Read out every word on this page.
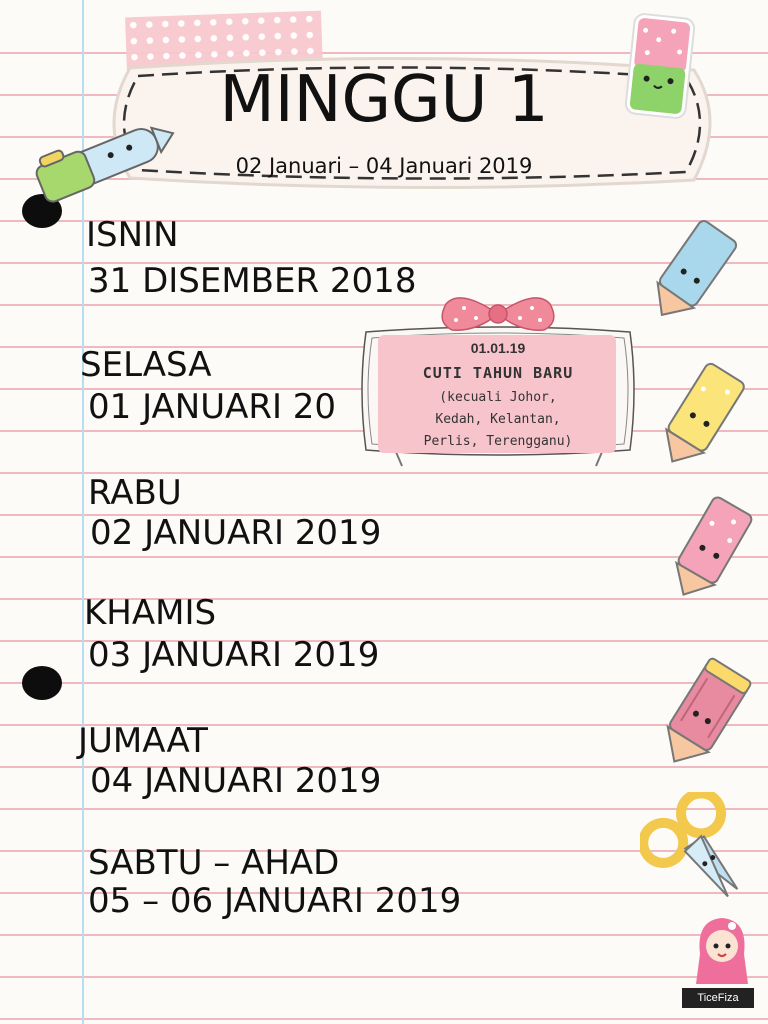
MINGGU 1
02 Januari – 04 Januari 2019
ISNIN
31 DISEMBER 2018
SELASA
01 JANUARI 20
RABU
02 JANUARI 2019
KHAMIS
03 JANUARI 2019
JUMAAT
04 JANUARI 2019
SABTU – AHAD
05 – 06 JANUARI 2019
01.01.19
CUTI TAHUN BARU
(kecuali Johor,
Kedah, Kelantan,
Perlis, Terengganu)
TiceFiza
